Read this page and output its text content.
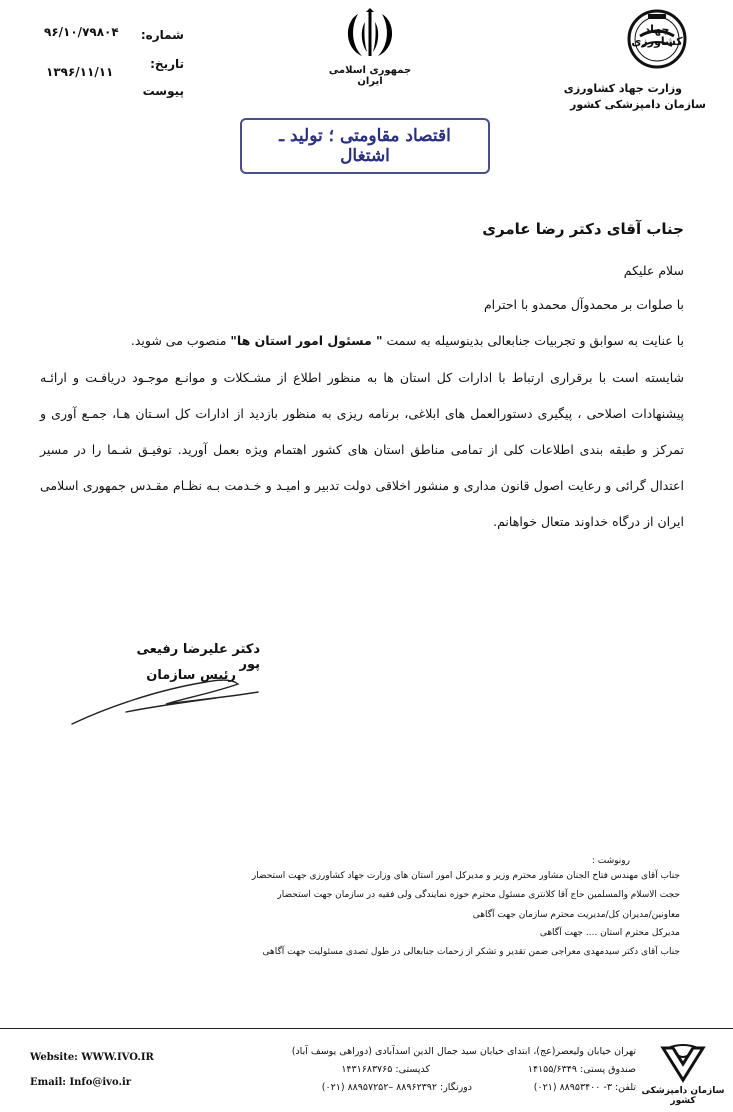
شماره:
۹۶/۱۰/۷۹۸۰۴
تاریخ:
۱۳۹۶/۱۱/۱۱
پیوست
جمهوری اسلامی ایران
جهاد کشاورزی
وزارت جهاد کشاورزی
سازمان دامپزشکی کشور
اقتصاد مقاومتی ؛ تولید ـ اشتغال
جناب آقای دکتر رضا عامری
سلام علیکم
با صلوات بر محمدوآل محمدو با احترام
با عنایت به سوابق و تجربیات جنابعالی بدینوسیله به سمت " مسئول امور استان ها" منصوب می شوید.
شایسته است با برقراری ارتباط با ادارات کل استان ها به منظور اطلاع از مشـکلات و موانـع موجـود دریافـت و ارائـه پیشنهادات اصلاحی ، پیگیری دستورالعمل های ابلاغی، برنامه ریزی به منظور بازدید از ادارات کل اسـتان هـا، جمـع آوری و تمرکز و طبقه بندی اطلاعات کلی از تمامی مناطق استان های کشور اهتمام ویژه بعمل آورید. توفیـق شـما را در مسیر اعتدال گرائی و رعایت اصول قانون مداری و منشور اخلاقی دولت تدبیر و امیـد و خـدمت بـه نظـام مقـدس جمهوری اسلامی ایران از درگاه خداوند متعال خواهانم.
دکتر علیرضا رفیعی پور
رئیس سازمان
رونوشت :
جناب آقای مهندس فتاح الجنان مشاور محترم وزیر و مدیرکل امور استان های وزارت جهاد کشاورزی جهت استحضار
حجت الاسلام والمسلمین حاج آقا کلانتری مسئول محترم حوزه نمایندگی ولی فقیه در سازمان جهت استحضار
معاونین/مدیران کل/مدیریت محترم سازمان جهت آگاهی
مدیرکل محترم استان .... جهت آگاهی
جناب آقای دکتر سیدمهدی معراجی ضمن تقدیر و تشکر از زحمات جنابعالی در طول تصدی مسئولیت جهت آگاهی
تهران خیابان ولیعصر(عج)، ابتدای خیابان سید جمال الدین اسدآبادی (دوراهی یوسف آباد)
صندوق پستی: ۱۴۱۵۵/۶۳۴۹
کدپستی: ۱۴۳۱۶۸۳۷۶۵
تلفن: ۳- ۸۸۹۵۳۴۰۰ (۰۲۱)
دورنگار: ۸۸۹۶۲۳۹۲ –۸۸۹۵۷۲۵۲ (۰۲۱)
Website: WWW.IVO.IR
Email: Info@ivo.ir
سازمان دامپزشکی کشور
